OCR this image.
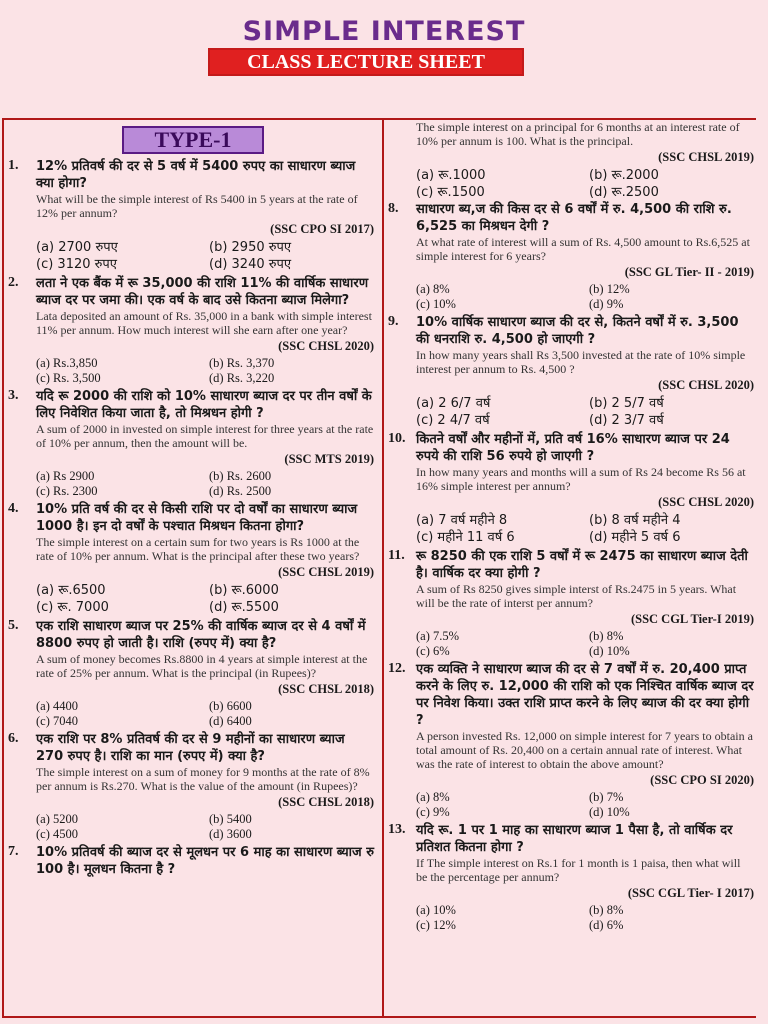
SIMPLE INTEREST
CLASS LECTURE SHEET
TYPE-1
1. 12% प्रतिवर्ष की दर से 5 वर्ष में 5400 रुपए का साधारण ब्याज क्या होगा?
What will be the simple interest of Rs 5400 in 5 years at the rate of 12% per annum?
(SSC CPO SI 2017)
(a) 2700 रुपए	(b) 2950 रुपए
(c) 3120 रुपए	(d) 3240 रुपए
2. लता ने एक बैंक में रू 35,000 की राशि 11% की वार्षिक साधारण ब्याज दर पर जमा की। एक वर्ष के बाद उसे कितना ब्याज मिलेगा?
Lata deposited an amount of Rs. 35,000 in a bank with simple interest 11% per annum. How much interest will she earn after one year?
(SSC CHSL 2020)
(a) Rs.3,850	(b) Rs. 3,370
(c) Rs. 3,500	(d) Rs. 3,220
3. यदि रू 2000 की राशि को 10% साधारण ब्याज दर पर तीन वर्षों के लिए निवेशित किया जाता है, तो मिश्रधन होगी ?
A sum of 2000 in invested on simple interest for three years at the rate of 10% per annum, then the amount will be.
(SSC MTS 2019)
(a) Rs 2900	(b) Rs. 2600
(c) Rs. 2300	(d) Rs. 2500
4. 10% प्रति वर्ष की दर से किसी राशि पर दो वर्षों का साधारण ब्याज 1000 है। इन दो वर्षों के पश्चात मिश्रधन कितना होगा?
The simple interest on a certain sum for two years is Rs 1000 at the rate of 10% per annum. What is the principal after these two years?
(SSC CHSL 2019)
(a) रू.6500	(b) रू.6000
(c) रू. 7000	(d) रू.5500
5. एक राशि साधारण ब्याज पर 25% की वार्षिक ब्याज दर से 4 वर्षों में 8800 रुपए हो जाती है। राशि (रुपए में) क्या है?
A sum of money becomes Rs.8800 in 4 years at simple interest at the rate of 25% per annum. What is the principal (in Rupees)?
(SSC CHSL 2018)
(a) 4400	(b) 6600
(c) 7040	(d) 6400
6. एक राशि पर 8% प्रतिवर्ष की दर से 9 महीनों का साधारण ब्याज 270 रुपए है। राशि का मान (रुपए में) क्या है?
The simple interest on a sum of money for 9 months at the rate of 8% per annum is Rs.270. What is the value of the amount (in Rupees)?
(SSC CHSL 2018)
(a) 5200	(b) 5400
(c) 4500	(d) 3600
7. 10% प्रतिवर्ष की ब्याज दर से मूलधन पर 6 माह का साधारण ब्याज रु 100 है। मूलधन कितना है ?
The simple interest on a principal for 6 months at an interest rate of 10% per annum is 100. What is the principal.
(SSC CHSL 2019)
(a) रू.1000	(b) रू.2000
(c) रू.1500	(d) रू.2500
8. साधारण ब्य,ज की किस दर से 6 वर्षों में रु. 4,500 की राशि रु. 6,525 का मिश्रधन देगी ?
At what rate of interest will a sum of Rs. 4,500 amount to Rs.6,525 at simple interest for 6 years?
(SSC GL Tier- II - 2019)
(a) 8%	(b) 12%
(c) 10%	(d) 9%
9. 10% वार्षिक साधारण ब्याज की दर से, कितने वर्षों में रु. 3,500 की धनराशि रु. 4,500 हो जाएगी ?
In how many years shall Rs 3,500 invested at the rate of 10% simple interest per annum to Rs. 4,500 ?
(SSC CHSL 2020)
(a) 2 6/7 वर्ष	(b) 2 5/7 वर्ष
(c) 2 4/7 वर्ष	(d) 2 3/7 वर्ष
10. कितने वर्षों और महीनों में, प्रति वर्ष 16% साधारण ब्याज पर 24 रुपये की राशि 56 रुपये हो जाएगी ?
In how many years and months will a sum of Rs 24 become Rs 56 at 16% simple interest per annum?
(SSC CHSL 2020)
(a) 7 वर्ष महीने 8	(b) 8 वर्ष महीने 4
(c) महीने 11 वर्ष 6	(d) महीने 5 वर्ष 6
11. रू 8250 की एक राशि 5 वर्षों में रू 2475 का साधारण ब्याज देती है। वार्षिक दर क्या होगी ?
A sum of Rs 8250 gives simple interst of Rs.2475 in 5 years. What will be the rate of interst per annum?
(SSC CGL Tier-I 2019)
(a) 7.5%	(b) 8%
(c) 6%	(d) 10%
12. एक व्यक्ति ने साधारण ब्याज की दर से 7 वर्षों में रु. 20,400 प्राप्त करने के लिए रु. 12,000 की राशि को एक निश्चित वार्षिक ब्याज दर पर निवेश किया। उक्त राशि प्राप्त करने के लिए ब्याज की दर क्या होगी ?
A person invested Rs. 12,000 on simple interest for 7 years to obtain a total amount of Rs. 20,400 on a certain annual rate of interest. What was the rate of interest to obtain the above amount?
(SSC CPO SI 2020)
(a) 8%	(b) 7%
(c) 9%	(d) 10%
13. यदि रू. 1 पर 1 माह का साधारण ब्याज 1 पैसा है, तो वार्षिक दर प्रतिशत कितना होगा ?
If The simple interest on Rs.1 for 1 month is 1 paisa, then what will be the percentage per annum?
(SSC CGL Tier- I 2017)
(a) 10%	(b) 8%
(c) 12%	(d) 6%
